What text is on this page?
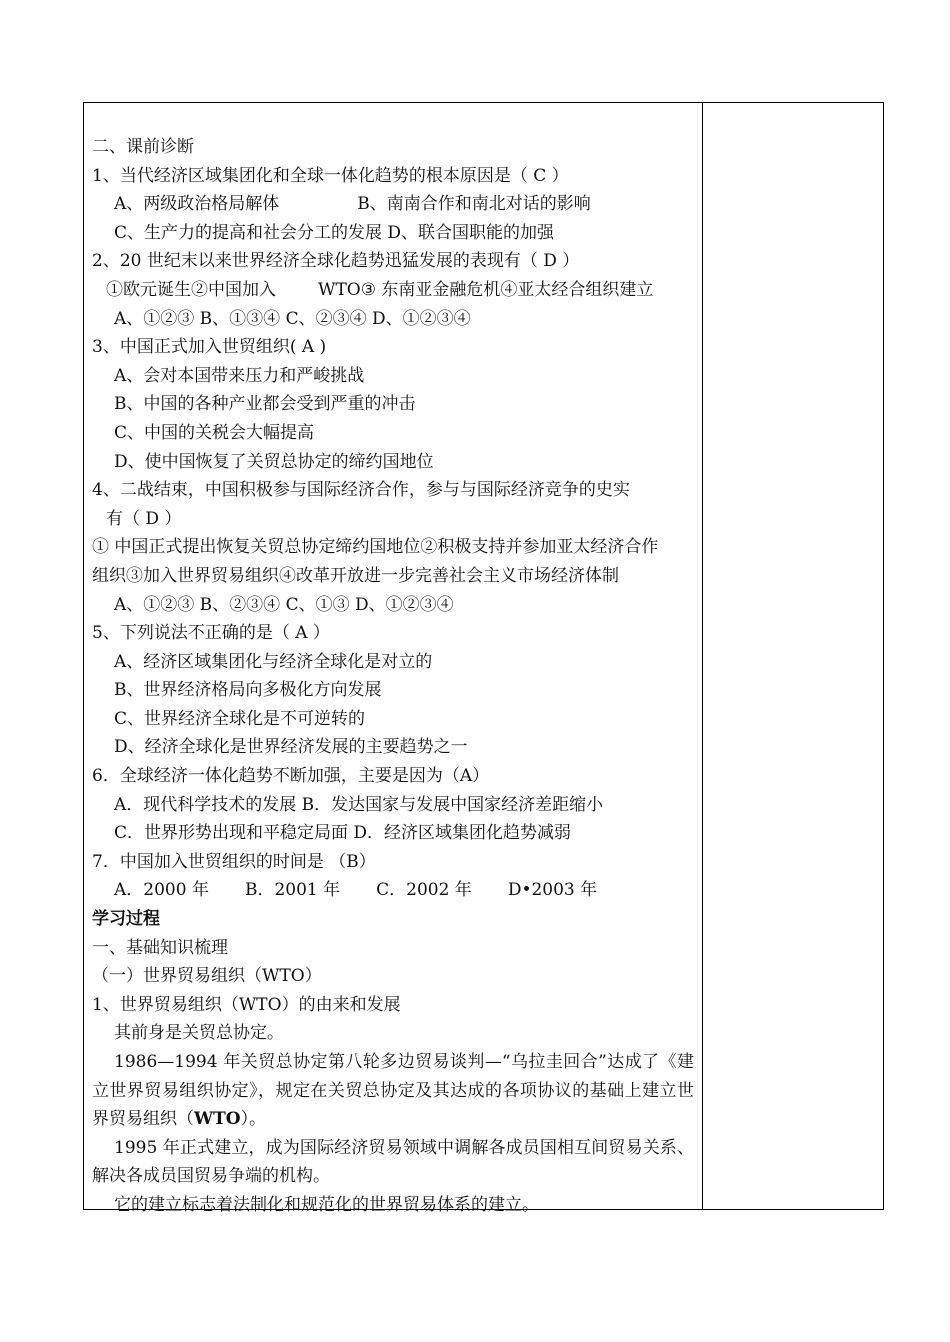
二、课前诊断
1、当代经济区域集团化和全球一体化趋势的根本原因是（ C ）
A、两级政治格局解体	B、南南合作和南北对话的影响
C、生产力的提高和社会分工的发展 D、联合国职能的加强
2、20 世纪末以来世界经济全球化趋势迅猛发展的表现有（ D ）
①欧元诞生②中国加入 WTO③ 东南亚金融危机④亚太经合组织建立
A、①②③ B、①③④ C、②③④ D、①②③④
3、中国正式加入世贸组织( A )
A、会对本国带来压力和严峻挑战
B、中国的各种产业都会受到严重的冲击
C、中国的关税会大幅提高
D、使中国恢复了关贸总协定的缔约国地位
4、二战结束，中国积极参与国际经济合作，参与与国际经济竞争的史实
有（ D ）
① 中国正式提出恢复关贸总协定缔约国地位②积极支持并参加亚太经济合作
组织③加入世界贸易组织④改革开放进一步完善社会主义市场经济体制
A、①②③ B、②③④ C、①③ D、①②③④
5、下列说法不正确的是（ A ）
A、经济区域集团化与经济全球化是对立的
B、世界经济格局向多极化方向发展
C、世界经济全球化是不可逆转的
D、经济全球化是世界经济发展的主要趋势之一
6．全球经济一体化趋势不断加强，主要是因为（A）
A．现代科学技术的发展 B．发达国家与发展中国家经济差距缩小
C．世界形势出现和平稳定局面 D．经济区域集团化趋势减弱
7．中国加入世贸组织的时间是 （B）
A．2000 年 B．2001 年 C．2002 年 D•2003 年
学习过程
一、基础知识梳理
（一）世界贸易组织（WTO）
1、世界贸易组织（WTO）的由来和发展
其前身是关贸总协定。
1986—1994 年关贸总协定第八轮多边贸易谈判—“乌拉圭回合”达成了《建立世界贸易组织协定》，规定在关贸总协定及其达成的各项协议的基础上建立世界贸易组织（WTO）。
1995 年正式建立，成为国际经济贸易领域中调解各成员国相互间贸易关系、解决各成员国贸易争端的机构。
它的建立标志着法制化和规范化的世界贸易体系的建立。
